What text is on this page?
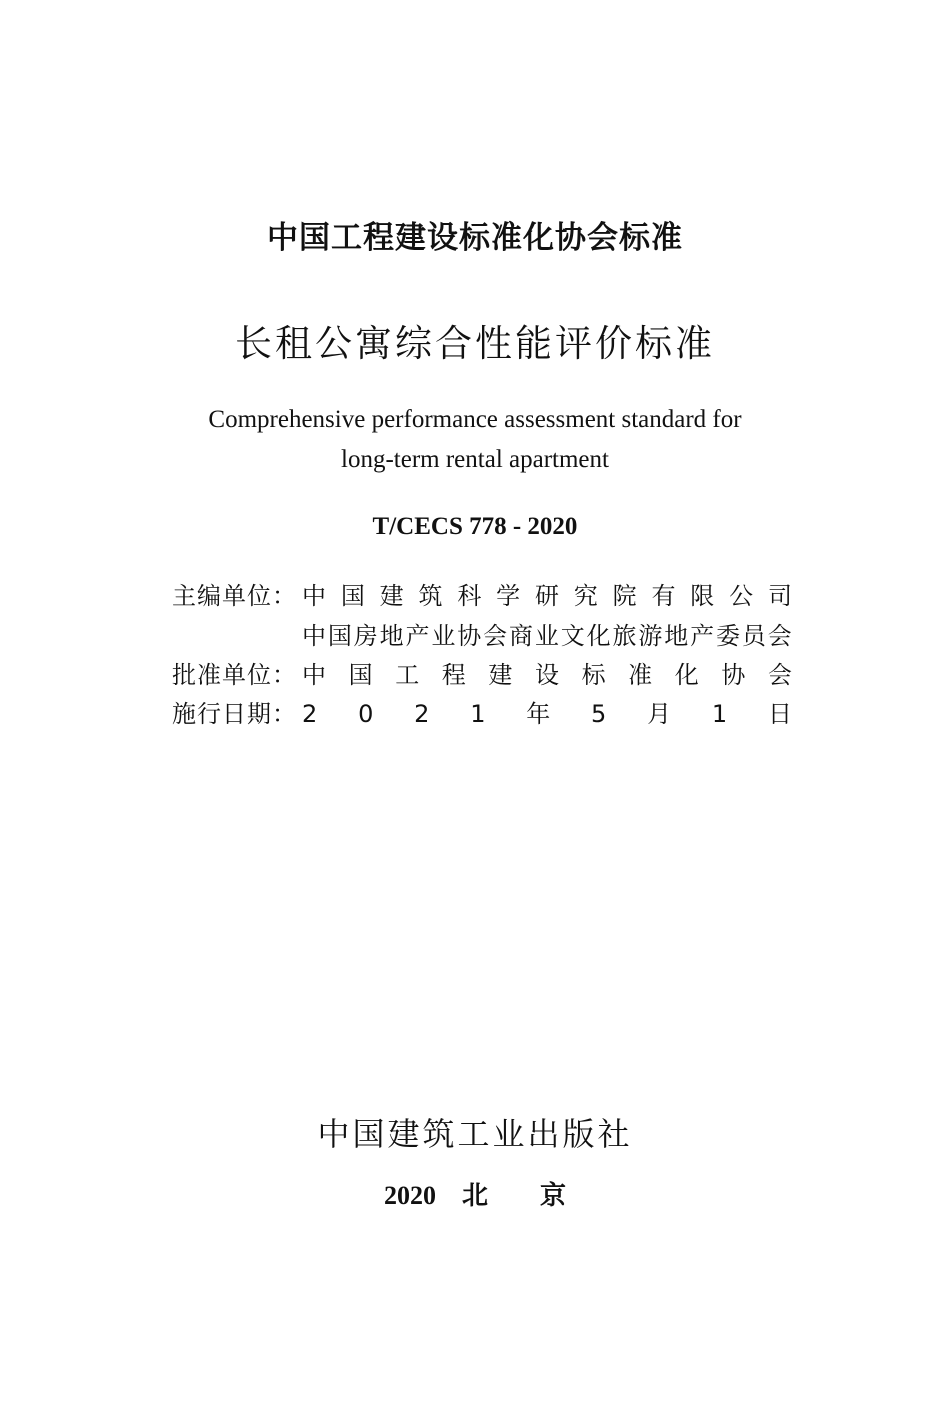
中国工程建设标准化协会标准
长租公寓综合性能评价标准
Comprehensive performance assessment standard for
long-term rental apartment
T/CECS 778 - 2020
主编单位： 中 国 建 筑 科 学 研 究 院 有 限 公 司
中 国 房 地 产 业 协 会 商 业 文 化 旅 游 地 产 委 员 会
批准单位： 中 国 工 程 建 设 标 准 化 协 会
施行日期： 2 0 2 1 年 5 月 1 日
中国建筑工业出版社
2020 北 京
